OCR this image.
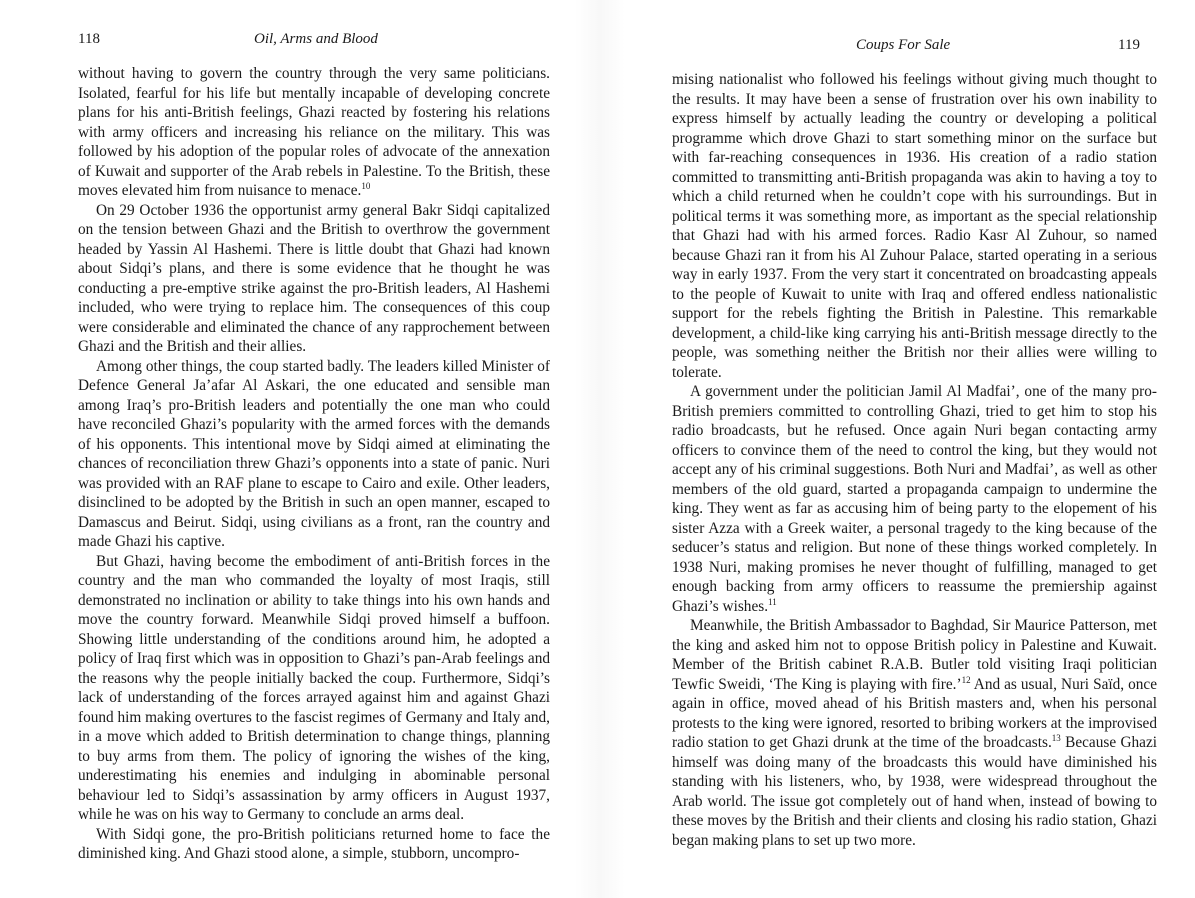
118	Oil, Arms and Blood

without having to govern the country through the very same politicians. Isolated, fearful for his life but mentally incapable of developing concrete plans for his anti-British feelings, Ghazi reacted by fostering his relations with army officers and increasing his reliance on the military. This was followed by his adoption of the popular roles of advocate of the annexation of Kuwait and supporter of the Arab rebels in Palestine. To the British, these moves elevated him from nuisance to menace.$^{10}$

On 29 October 1936 the opportunist army general Bakr Sidqi capitalized on the tension between Ghazi and the British to overthrow the government headed by Yassin Al Hashemi. There is little doubt that Ghazi had known about Sidqi’s plans, and there is some evidence that he thought he was conducting a pre-emptive strike against the pro-British leaders, Al Hashemi included, who were trying to replace him. The consequences of this coup were considerable and eliminated the chance of any rapprochement between Ghazi and the British and their allies.

Among other things, the coup started badly. The leaders killed Minister of Defence General Ja’afar Al Askari, the one educated and sensible man among Iraq’s pro-British leaders and potentially the one man who could have reconciled Ghazi’s popularity with the armed forces with the demands of his opponents. This intentional move by Sidqi aimed at eliminating the chances of reconciliation threw Ghazi’s opponents into a state of panic. Nuri was provided with an RAF plane to escape to Cairo and exile. Other leaders, disinclined to be adopted by the British in such an open manner, escaped to Damascus and Beirut. Sidqi, using civilians as a front, ran the country and made Ghazi his captive.

But Ghazi, having become the embodiment of anti-British forces in the country and the man who commanded the loyalty of most Iraqis, still demonstrated no inclination or ability to take things into his own hands and move the country forward. Meanwhile Sidqi proved himself a buffoon. Showing little understanding of the conditions around him, he adopted a policy of Iraq first which was in opposition to Ghazi’s pan-Arab feelings and the reasons why the people initially backed the coup. Furthermore, Sidqi’s lack of understanding of the forces arrayed against him and against Ghazi found him making overtures to the fascist regimes of Germany and Italy and, in a move which added to British determination to change things, planning to buy arms from them. The policy of ignoring the wishes of the king, underestimating his enemies and indulging in abominable personal behaviour led to Sidqi’s assassination by army officers in August 1937, while he was on his way to Germany to conclude an arms deal.

With Sidqi gone, the pro-British politicians returned home to face the diminished king. And Ghazi stood alone, a simple, stubborn, uncompro-

Coups For Sale	119

mising nationalist who followed his feelings without giving much thought to the results. It may have been a sense of frustration over his own inability to express himself by actually leading the country or developing a political programme which drove Ghazi to start something minor on the surface but with far-reaching consequences in 1936. His creation of a radio station committed to transmitting anti-British propaganda was akin to having a toy to which a child returned when he couldn’t cope with his surroundings. But in political terms it was something more, as important as the special relationship that Ghazi had with his armed forces. Radio Kasr Al Zuhour, so named because Ghazi ran it from his Al Zuhour Palace, started operating in a serious way in early 1937. From the very start it concentrated on broadcasting appeals to the people of Kuwait to unite with Iraq and offered endless nationalistic support for the rebels fighting the British in Palestine. This remarkable development, a child-like king carrying his anti-British message directly to the people, was something neither the British nor their allies were willing to tolerate.

A government under the politician Jamil Al Madfai’, one of the many pro-British premiers committed to controlling Ghazi, tried to get him to stop his radio broadcasts, but he refused. Once again Nuri began contacting army officers to convince them of the need to control the king, but they would not accept any of his criminal suggestions. Both Nuri and Madfai’, as well as other members of the old guard, started a propaganda campaign to undermine the king. They went as far as accusing him of being party to the elopement of his sister Azza with a Greek waiter, a personal tragedy to the king because of the seducer’s status and religion. But none of these things worked completely. In 1938 Nuri, making promises he never thought of fulfilling, managed to get enough backing from army officers to reassume the premiership against Ghazi’s wishes.$^{11}$

Meanwhile, the British Ambassador to Baghdad, Sir Maurice Patterson, met the king and asked him not to oppose British policy in Palestine and Kuwait. Member of the British cabinet R.A.B. Butler told visiting Iraqi politician Tewfic Sweidi, ‘The King is playing with fire.’$^{12}$ And as usual, Nuri Saïd, once again in office, moved ahead of his British masters and, when his personal protests to the king were ignored, resorted to bribing workers at the improvised radio station to get Ghazi drunk at the time of the broadcasts.$^{13}$ Because Ghazi himself was doing many of the broadcasts this would have diminished his standing with his listeners, who, by 1938, were widespread throughout the Arab world. The issue got completely out of hand when, instead of bowing to these moves by the British and their clients and closing his radio station, Ghazi began making plans to set up two more.
